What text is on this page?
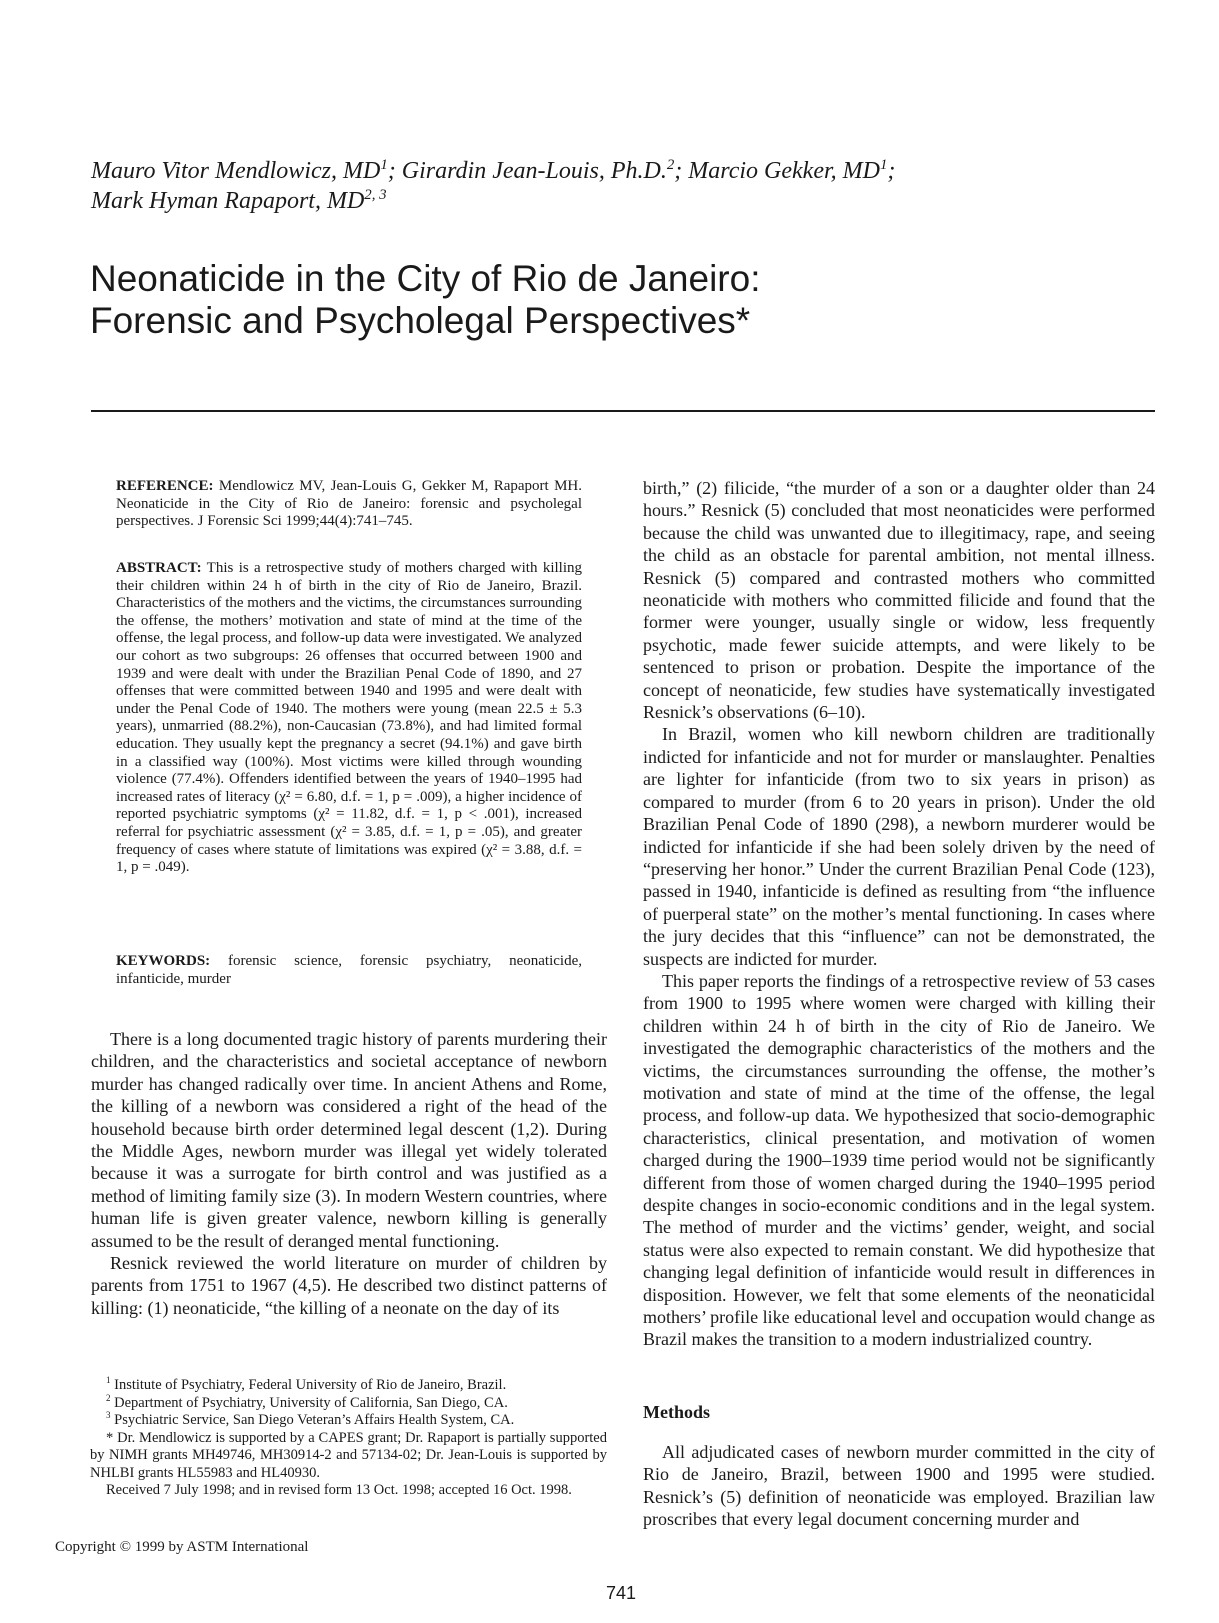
Mauro Vitor Mendlowicz, $MD^1$; Girardin Jean-Louis, Ph.D.$^2$; Marcio Gekker, $MD^1$;
Mark Hyman Rapaport, MD$^{2, 3}$
Neonaticide in the City of Rio de Janeiro:
Forensic and Psycholegal Perspectives*
REFERENCE: Mendlowicz MV, Jean-Louis G, Gekker M, Rapaport MH. Neonaticide in the City of Rio de Janeiro: forensic and psycholegal perspectives. J Forensic Sci 1999;44(4):741–745.
ABSTRACT: This is a retrospective study of mothers charged with killing their children within 24 h of birth in the city of Rio de Janeiro, Brazil. Characteristics of the mothers and the victims, the circumstances surrounding the offense, the mothers’ motivation and state of mind at the time of the offense, the legal process, and follow-up data were investigated. We analyzed our cohort as two subgroups: 26 offenses that occurred between 1900 and 1939 and were dealt with under the Brazilian Penal Code of 1890, and 27 offenses that were committed between 1940 and 1995 and were dealt with under the Penal Code of 1940. The mothers were young (mean 22.5 ± 5.3 years), unmarried (88.2%), non-Caucasian (73.8%), and had limited formal education. They usually kept the pregnancy a secret (94.1%) and gave birth in a classified way (100%). Most victims were killed through wounding violence (77.4%). Offenders identified between the years of 1940–1995 had increased rates of literacy (χ² = 6.80, d.f. = 1, p = .009), a higher incidence of reported psychiatric symptoms (χ² = 11.82, d.f. = 1, p < .001), increased referral for psychiatric assessment (χ² = 3.85, d.f. = 1, p = .05), and greater frequency of cases where statute of limitations was expired (χ² = 3.88, d.f. = 1, p = .049).
KEYWORDS: forensic science, forensic psychiatry, neonaticide, infanticide, murder

There is a long documented tragic history of parents murdering their children, and the characteristics and societal acceptance of newborn murder has changed radically over time. In ancient Athens and Rome, the killing of a newborn was considered a right of the head of the household because birth order determined legal descent (1,2). During the Middle Ages, newborn murder was illegal yet widely tolerated because it was a surrogate for birth control and was justified as a method of limiting family size (3). In modern Western countries, where human life is given greater valence, newborn killing is generally assumed to be the result of deranged mental functioning.

Resnick reviewed the world literature on murder of children by parents from 1751 to 1967 (4,5). He described two distinct patterns of killing: (1) neonaticide, “the killing of a neonate on the day of its

birth,” (2) filicide, “the murder of a son or a daughter older than 24 hours.” Resnick (5) concluded that most neonaticides were performed because the child was unwanted due to illegitimacy, rape, and seeing the child as an obstacle for parental ambition, not mental illness. Resnick (5) compared and contrasted mothers who committed neonaticide with mothers who committed filicide and found that the former were younger, usually single or widow, less frequently psychotic, made fewer suicide attempts, and were likely to be sentenced to prison or probation. Despite the importance of the concept of neonaticide, few studies have systematically investigated Resnick’s observations (6–10).

In Brazil, women who kill newborn children are traditionally indicted for infanticide and not for murder or manslaughter. Penalties are lighter for infanticide (from two to six years in prison) as compared to murder (from 6 to 20 years in prison). Under the old Brazilian Penal Code of 1890 (298), a newborn murderer would be indicted for infanticide if she had been solely driven by the need of “preserving her honor.” Under the current Brazilian Penal Code (123), passed in 1940, infanticide is defined as resulting from “the influence of puerperal state” on the mother’s mental functioning. In cases where the jury decides that this “influence” can not be demonstrated, the suspects are indicted for murder.

This paper reports the findings of a retrospective review of 53 cases from 1900 to 1995 where women were charged with killing their children within 24 h of birth in the city of Rio de Janeiro. We investigated the demographic characteristics of the mothers and the victims, the circumstances surrounding the offense, the mother’s motivation and state of mind at the time of the offense, the legal process, and follow-up data. We hypothesized that socio-demographic characteristics, clinical presentation, and motivation of women charged during the 1900–1939 time period would not be significantly different from those of women charged during the 1940–1995 period despite changes in socio-economic conditions and in the legal system. The method of murder and the victims’ gender, weight, and social status were also expected to remain constant. We did hypothesize that changing legal definition of infanticide would result in differences in disposition. However, we felt that some elements of the neonaticidal mothers’ profile like educational level and occupation would change as Brazil makes the transition to a modern industrialized country.

Methods

All adjudicated cases of newborn murder committed in the city of Rio de Janeiro, Brazil, between 1900 and 1995 were studied. Resnick’s (5) definition of neonaticide was employed. Brazilian law proscribes that every legal document concerning murder and

$^1$ Institute of Psychiatry, Federal University of Rio de Janeiro, Brazil.

$^2$ Department of Psychiatry, University of California, San Diego, CA.

$^3$ Psychiatric Service, San Diego Veteran’s Affairs Health System, CA.

* Dr. Mendlowicz is supported by a CAPES grant; Dr. Rapaport is partially supported by NIMH grants MH49746, MH30914-2 and 57134-02; Dr. Jean-Louis is supported by NHLBI grants HL55983 and HL40930.

Received 7 July 1998; and in revised form 13 Oct. 1998; accepted 16 Oct. 1998.

Copyright © 1999 by ASTM International
741
